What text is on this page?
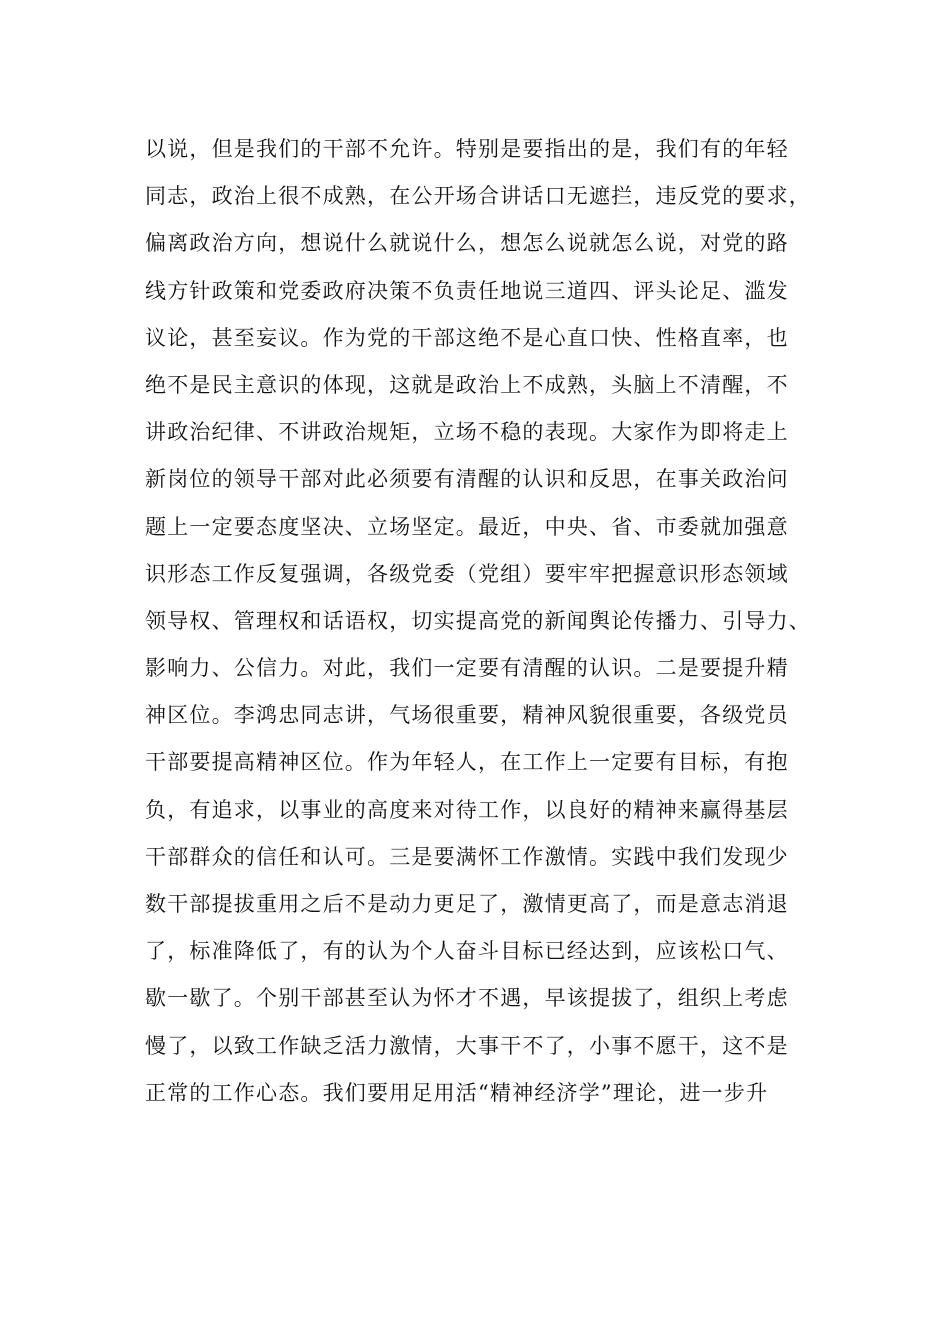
以说，但是我们的干部不允许。特别是要指出的是，我们有的年轻
同志，政治上很不成熟，在公开场合讲话口无遮拦，违反党的要求，
偏离政治方向，想说什么就说什么，想怎么说就怎么说，对党的路
线方针政策和党委政府决策不负责任地说三道四、评头论足、滥发
议论，甚至妄议。作为党的干部这绝不是心直口快、性格直率，也
绝不是民主意识的体现，这就是政治上不成熟，头脑上不清醒，不
讲政治纪律、不讲政治规矩，立场不稳的表现。大家作为即将走上
新岗位的领导干部对此必须要有清醒的认识和反思，在事关政治问
题上一定要态度坚决、立场坚定。最近，中央、省、市委就加强意
识形态工作反复强调，各级党委（党组）要牢牢把握意识形态领域
领导权、管理权和话语权，切实提高党的新闻舆论传播力、引导力、
影响力、公信力。对此，我们一定要有清醒的认识。二是要提升精
神区位。李鸿忠同志讲，气场很重要，精神风貌很重要，各级党员
干部要提高精神区位。作为年轻人，在工作上一定要有目标，有抱
负，有追求，以事业的高度来对待工作，以良好的精神来赢得基层
干部群众的信任和认可。三是要满怀工作激情。实践中我们发现少
数干部提拔重用之后不是动力更足了，激情更高了，而是意志消退
了，标准降低了，有的认为个人奋斗目标已经达到，应该松口气、
歇一歇了。个别干部甚至认为怀才不遇，早该提拔了，组织上考虑
慢了，以致工作缺乏活力激情，大事干不了，小事不愿干，这不是
正常的工作心态。我们要用足用活“精神经济学”理论，进一步升
